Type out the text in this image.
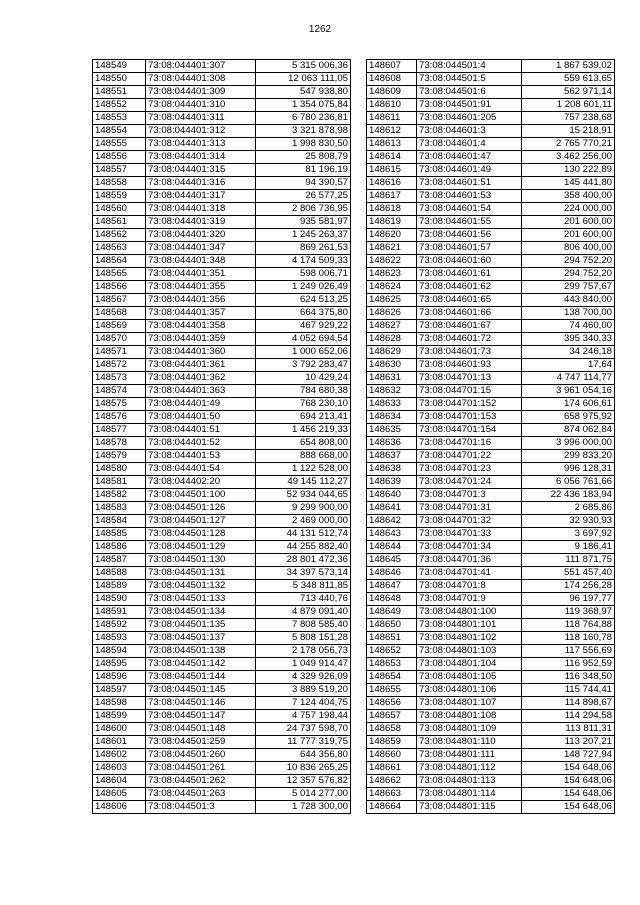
1262
148549	73:08:044401:307	5 315 006,36
148550	73:08:044401:308	12 063 111,05
148551	73:08:044401:309	547 938,80
148552	73:08:044401:310	1 354 075,84
148553	73:08:044401:311	6 780 236,81
148554	73:08:044401:312	3 321 878,98
148555	73:08:044401:313	1 998 830,50
148556	73:08:044401:314	25 808,79
148557	73:08:044401:315	81 196,19
148558	73:08:044401:316	94 390,57
148559	73:08:044401:317	26 577,25
148560	73:08:044401:318	2 806 736,95
148561	73:08:044401:319	935 581,97
148562	73:08:044401:320	1 245 263,37
148563	73:08:044401:347	869 261,53
148564	73:08:044401:348	4 174 509,33
148565	73:08:044401:351	598 006,71
148566	73:08:044401:355	1 249 026,49
148567	73:08:044401:356	624 513,25
148568	73:08:044401:357	664 375,80
148569	73:08:044401:358	467 929,22
148570	73:08:044401:359	4 052 694,54
148571	73:08:044401:360	1 000 652,06
148572	73:08:044401:361	3 792 283,47
148573	73:08:044401:362	10 429,24
148574	73:08:044401:363	784 680,38
148575	73:08:044401:49	768 230,10
148576	73:08:044401:50	694 213,41
148577	73:08:044401:51	1 456 219,33
148578	73:08:044401:52	654 808,00
148579	73:08:044401:53	888 668,00
148580	73:08:044401:54	1 122 528,00
148581	73:08:044402:20	49 145 112,27
148582	73:08:044501:100	52 934 044,65
148583	73:08:044501:126	9 299 900,00
148584	73:08:044501:127	2 469 000,00
148585	73:08:044501:128	44 131 512,74
148586	73:08:044501:129	44 255 882,40
148587	73:08:044501:130	28 801 472,36
148588	73:08:044501:131	34 397 573,14
148589	73:08:044501:132	5 348 811,85
148590	73:08:044501:133	713 440,76
148591	73:08:044501:134	4 879 091,40
148592	73:08:044501:135	7 808 585,40
148593	73:08:044501:137	5 808 151,28
148594	73:08:044501:138	2 178 056,73
148595	73:08:044501:142	1 049 914,47
148596	73:08:044501:144	4 329 926,09
148597	73:08:044501:145	3 889 519,20
148598	73:08:044501:146	7 124 404,75
148599	73:08:044501:147	4 757 198,44
148600	73:08:044501:148	24 737 598,70
148601	73:08:044501:259	11 777 319,75
148602	73:08:044501:260	644 356,80
148603	73:08:044501:261	10 836 265,25
148604	73:08:044501:262	12 357 576,82
148605	73:08:044501:263	5 014 277,00
148606	73:08:044501:3	1 728 300,00
148607	73:08:044501:4	1 867 539,02
148608	73:08:044501:5	559 613,65
148609	73:08:044501:6	562 971,14
148610	73:08:044501:91	1 208 601,11
148611	73:08:044601:205	757 238,68
148612	73:08:044601:3	15 218,91
148613	73:08:044601:4	2 765 770,21
148614	73:08:044601:47	3 462 256,00
148615	73:08:044601:49	130 222,89
148616	73:08:044601:51	145 441,80
148617	73:08:044601:53	358 400,00
148618	73:08:044601:54	224 000,00
148619	73:08:044601:55	201 600,00
148620	73:08:044601:56	201 600,00
148621	73:08:044601:57	806 400,00
148622	73:08:044601:60	294 752,20
148623	73:08:044601:61	294 752,20
148624	73:08:044601:62	299 757,67
148625	73:08:044601:65	443 840,00
148626	73:08:044601:66	138 700,00
148627	73:08:044601:67	74 460,00
148628	73:08:044601:72	395 340,33
148629	73:08:044601:73	34 246,18
148630	73:08:044601:93	17,64
148631	73:08:044701:13	4 747 114,77
148632	73:08:044701:15	3 961 054,16
148633	73:08:044701:152	174 606,61
148634	73:08:044701:153	658 975,92
148635	73:08:044701:154	874 062,84
148636	73:08:044701:16	3 996 000,00
148637	73:08:044701:22	299 833,20
148638	73:08:044701:23	996 128,31
148639	73:08:044701:24	6 056 761,66
148640	73:08:044701:3	22 436 183,94
148641	73:08:044701:31	2 685,86
148642	73:08:044701:32	32 930,93
148643	73:08:044701:33	3 697,92
148644	73:08:044701:34	9 186,41
148645	73:08:044701:36	111 871,75
148646	73:08:044701:41	551 457,40
148647	73:08:044701:8	174 256,28
148648	73:08:044701:9	96 197,77
148649	73:08:044801:100	119 368,97
148650	73:08:044801:101	118 764,88
148651	73:08:044801:102	118 160,78
148652	73:08:044801:103	117 556,69
148653	73:08:044801:104	116 952,59
148654	73:08:044801:105	116 348,50
148655	73:08:044801:106	115 744,41
148656	73:08:044801:107	114 898,67
148657	73:08:044801:108	114 294,58
148658	73:08:044801:109	113 811,31
148659	73:08:044801:110	113 207,21
148660	73:08:044801:111	148 727,94
148661	73:08:044801:112	154 648,06
148662	73:08:044801:113	154 648,06
148663	73:08:044801:114	154 648,06
148664	73:08:044801:115	154 648,06
